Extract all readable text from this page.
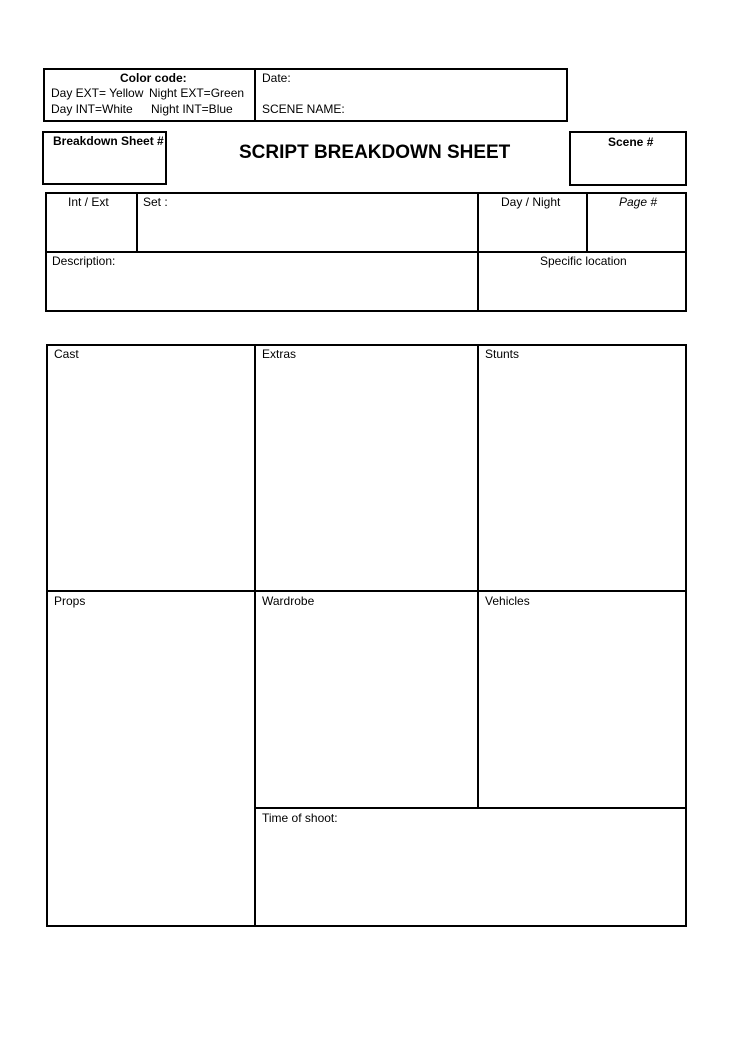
Color code:
Day EXT= Yellow Night EXT=Green
Day INT=White Night INT=Blue
Date:
SCENE NAME:
Breakdown Sheet #
SCRIPT BREAKDOWN SHEET	Scene #
Int / Ext	Set :	Day / Night	Page #
Description:	Specific location
Cast	Extras	Stunts
Props	Wardrobe	Vehicles
Time of shoot:
